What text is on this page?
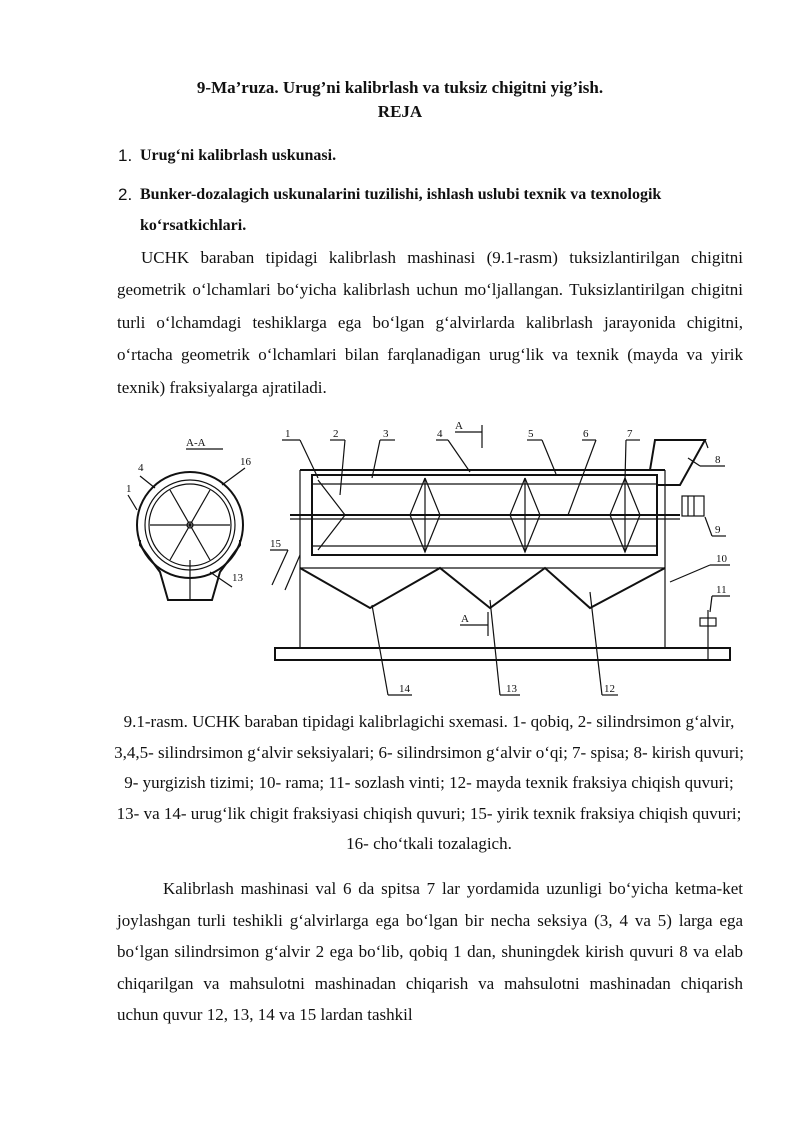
9-Ma’ruza. Urug’ni kalibrlash va tuksiz chigitni yig’ish.
REJA
1. Urug‘ni kalibrlash uskunasi.
2. Bunker-dozalagich uskunalarini tuzilishi, ishlash uslubi texnik va texnologik ko‘rsatkichlari.
UCHK baraban tipidagi kalibrlash mashinasi (9.1-rasm) tuksizlantirilgan chigitni geometrik o‘lchamlari bo‘yicha kalibrlash uchun mo‘ljallangan. Tuksizlantirilgan chigitni turli o‘lchamdagi teshiklarga ega bo‘lgan g‘alvirlarda kalibrlash jarayonida chigitni, o‘rtacha geometrik o‘lchamlari bilan farqlanadigan urug‘lik va texnik (mayda va yirik texnik) fraksiyalarga ajratiladi.
A-A
4
1
16
13
A
A
1	2	3	4	5	6	7
8
9
10
11
12
13
14
15
9.1-rasm. UCHK baraban tipidagi kalibrlagichi sxemasi. 1- qobiq, 2- silindrsimon g‘alvir, 3,4,5- silindrsimon g‘alvir seksiyalari; 6- silindrsimon g‘alvir o‘qi; 7- spisa; 8- kirish quvuri; 9- yurgizish tizimi; 10- rama; 11- sozlash vinti; 12- mayda texnik fraksiya chiqish quvuri; 13- va 14- urug‘lik chigit fraksiyasi chiqish quvuri; 15- yirik texnik fraksiya chiqish quvuri; 16- cho‘tkali tozalagich.
Kalibrlash mashinasi val 6 da spitsa 7 lar yordamida uzunligi bo‘yicha ketma-ket joylashgan turli teshikli g‘alvirlarga ega bo‘lgan bir necha seksiya (3, 4 va 5) larga ega bo‘lgan silindrsimon g‘alvir 2 ega bo‘lib, qobiq 1 dan, shuningdek kirish quvuri 8 va elab chiqarilgan va mahsulotni mashinadan chiqarish va mahsulotni mashinadan chiqarish uchun quvur 12, 13, 14 va 15 lardan tashkil
